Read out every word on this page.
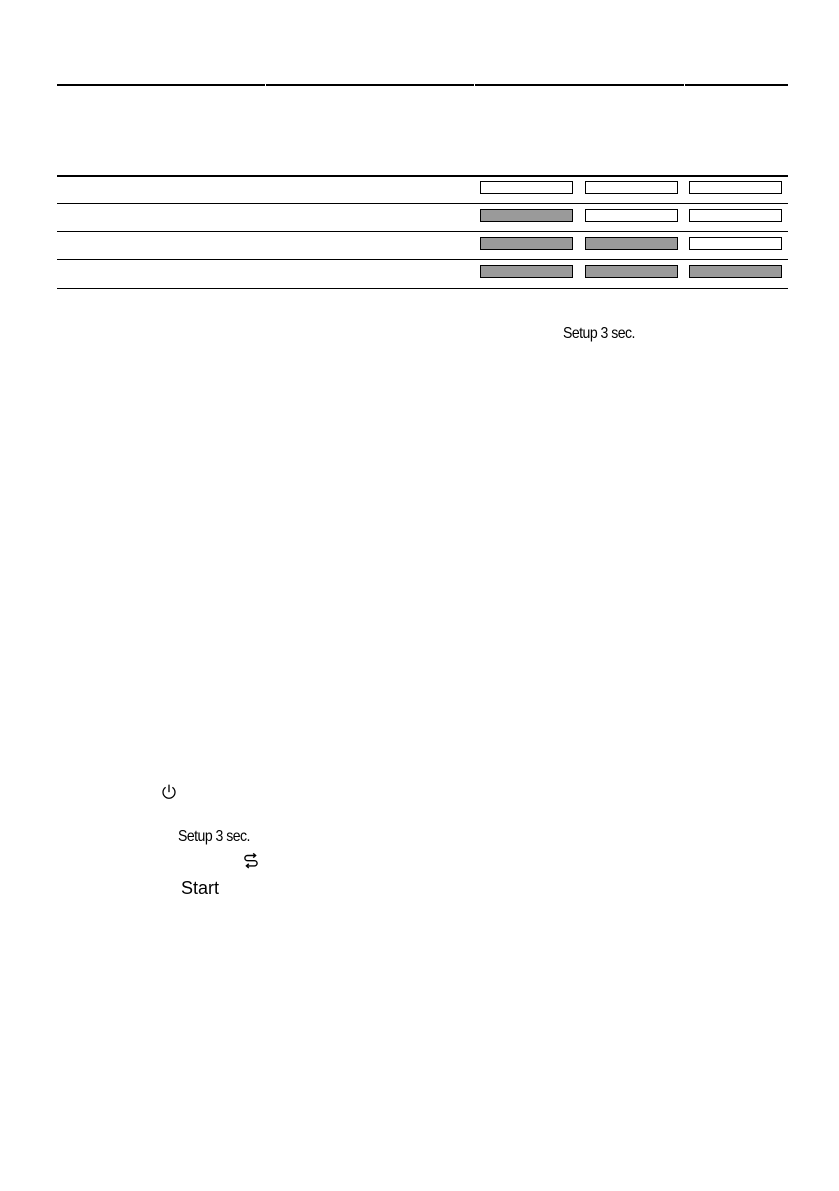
Setup 3 sec.
Setup 3 sec.
Start
